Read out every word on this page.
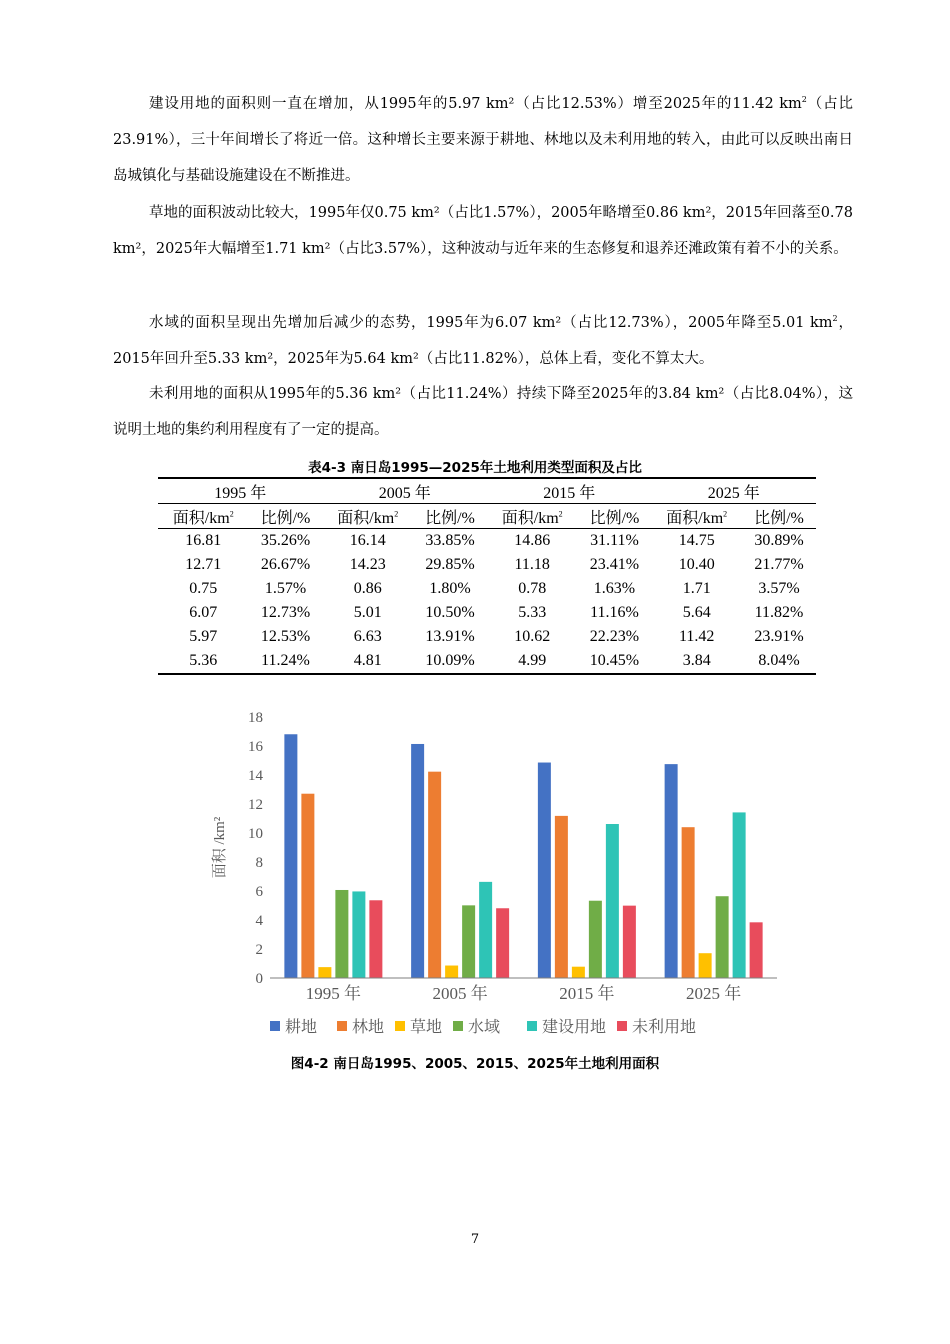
建设用地的面积则一直在增加，从1995年的5.97 km²（占比12.53%）增至2025年的11.42 $km^2$（占比23.91%），三十年间增长了将近一倍。这种增长主要来源于耕地、林地以及未利用地的转入，由此可以反映出南日岛城镇化与基础设施建设在不断推进。

草地的面积波动比较大，1995年仅0.75 km²（占比1.57%），2005年略增至0.86 km²，2015年回落至0.78 km²，2025年大幅增至1.71 km²（占比3.57%），这种波动与近年来的生态修复和退养还滩政策有着不小的关系。

水域的面积呈现出先增加后减少的态势，1995年为6.07 km²（占比12.73%），2005年降至5.01 $km^2$，2015年回升至5.33 km²，2025年为5.64 km²（占比11.82%），总体上看，变化不算太大。

未利用地的面积从1995年的5.36 km²（占比11.24%）持续下降至2025年的3.84 km²（占比8.04%），这说明土地的集约利用程度有了一定的提高。

表4-3 南日岛1995—2025年土地利用类型面积及占比

1995 年		2005 年		2015 年		2025 年	
面积$/km^2$	比例/%	面积$/km^2$	比例/%	面积$/km^2$	比例/%	面积$/km^2$	比例/%
16.81	35.26%	16.14	33.85%	14.86	31.11%	14.75	30.89%
12.71	26.67%	14.23	29.85%	11.18	23.41%	10.40	21.77%
0.75	1.57%	0.86	1.80%	0.78	1.63%	1.71	3.57%
6.07	12.73%	5.01	10.50%	5.33	11.16%	5.64	11.82%
5.97	12.53%	6.63	13.91%	10.62	22.23%	11.42	23.91%
5.36	11.24%	4.81	10.09%	4.99	10.45%	3.84	8.04%
0
2
4
6
8
10
12
14
16
18
面积 /km²
1995 年	2005 年	2015 年	2025 年
耕地 林地 草地 水域	建设用地 未利用地

图4-2 南日岛1995、2005、2015、2025年土地利用面积

7
